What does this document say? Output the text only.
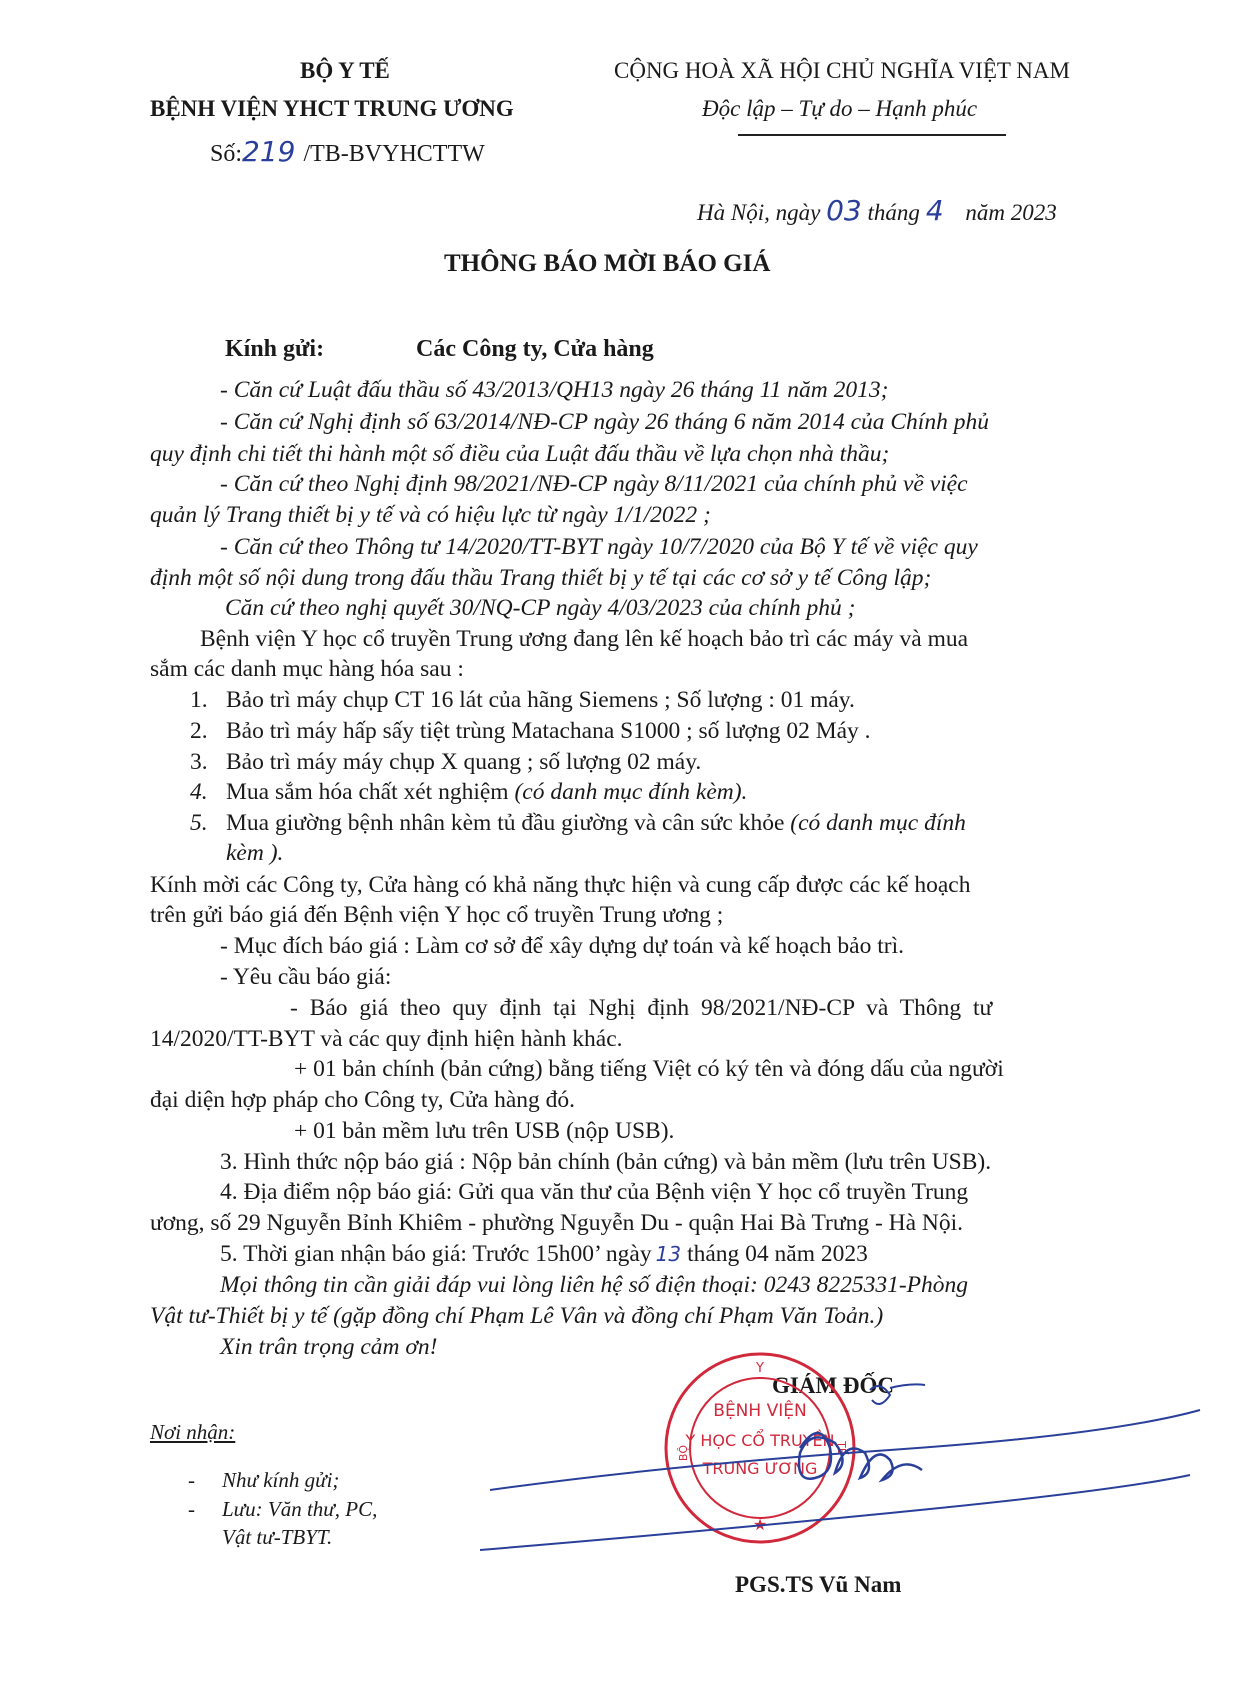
BỘ Y TẾ
BỆNH VIỆN YHCT TRUNG ƯƠNG
Số:219 /TB-BVYHCTTW
CỘNG HOÀ XÃ HỘI CHỦ NGHĨA VIỆT NAM
Độc lập – Tự do – Hạnh phúc
Hà Nội, ngày 03 tháng 4 năm 2023
THÔNG BÁO MỜI BÁO GIÁ
Kính gửi:	Các Công ty, Cửa hàng
- Căn cứ Luật đấu thầu số 43/2013/QH13 ngày 26 tháng 11 năm 2013;
- Căn cứ Nghị định số 63/2014/NĐ-CP ngày 26 tháng 6 năm 2014 của Chính phủ
quy định chi tiết thi hành một số điều của Luật đấu thầu về lựa chọn nhà thầu;
- Căn cứ theo Nghị định 98/2021/NĐ-CP ngày 8/11/2021 của chính phủ về việc
quản lý Trang thiết bị y tế và có hiệu lực từ ngày 1/1/2022 ;
- Căn cứ theo Thông tư 14/2020/TT-BYT ngày 10/7/2020 của Bộ Y tế về việc quy
định một số nội dung trong đấu thầu Trang thiết bị y tế tại các cơ sở y tế Công lập;
Căn cứ theo nghị quyết 30/NQ-CP ngày 4/03/2023 của chính phủ ;
Bệnh viện Y học cổ truyền Trung ương đang lên kế hoạch bảo trì các máy và mua
sắm các danh mục hàng hóa sau :
1. Bảo trì máy chụp CT 16 lát của hãng Siemens ; Số lượng : 01 máy.
2. Bảo trì máy hấp sấy tiệt trùng Matachana S1000 ; số lượng 02 Máy .
3. Bảo trì máy máy chụp X quang ; số lượng 02 máy.
4. Mua sắm hóa chất xét nghiệm (có danh mục đính kèm).
5. Mua giường bệnh nhân kèm tủ đầu giường và cân sức khỏe (có danh mục đính
kèm ).
Kính mời các Công ty, Cửa hàng có khả năng thực hiện và cung cấp được các kế hoạch
trên gửi báo giá đến Bệnh viện Y học cổ truyền Trung ương ;
- Mục đích báo giá : Làm cơ sở để xây dựng dự toán và kế hoạch bảo trì.
- Yêu cầu báo giá:
- Báo giá theo quy định tại Nghị định 98/2021/NĐ-CP và Thông tư
14/2020/TT-BYT và các quy định hiện hành khác.
+ 01 bản chính (bản cứng) bằng tiếng Việt có ký tên và đóng dấu của người
đại diện hợp pháp cho Công ty, Cửa hàng đó.
+ 01 bản mềm lưu trên USB (nộp USB).
3. Hình thức nộp báo giá : Nộp bản chính (bản cứng) và bản mềm (lưu trên USB).
4. Địa điểm nộp báo giá: Gửi qua văn thư của Bệnh viện Y học cổ truyền Trung
ương, số 29 Nguyễn Bỉnh Khiêm - phường Nguyễn Du - quận Hai Bà Trưng - Hà Nội.
5. Thời gian nhận báo giá: Trước 15h00’ ngày 13 tháng 04 năm 2023
Mọi thông tin cần giải đáp vui lòng liên hệ số điện thoại: 0243 8225331-Phòng
Vật tư-Thiết bị y tế (gặp đồng chí Phạm Lê Vân và đồng chí Phạm Văn Toản.)
Xin trân trọng cảm ơn!
Nơi nhận:
- Như kính gửi;
- Lưu: Văn thư, PC,
Vật tư-TBYT.
GIÁM ĐỐC
Y
BỆNH VIỆN
Y HỌC CỔ TRUYỀN
TRUNG ƯƠNG
BỘ	TẾ
★
PGS.TS Vũ Nam
